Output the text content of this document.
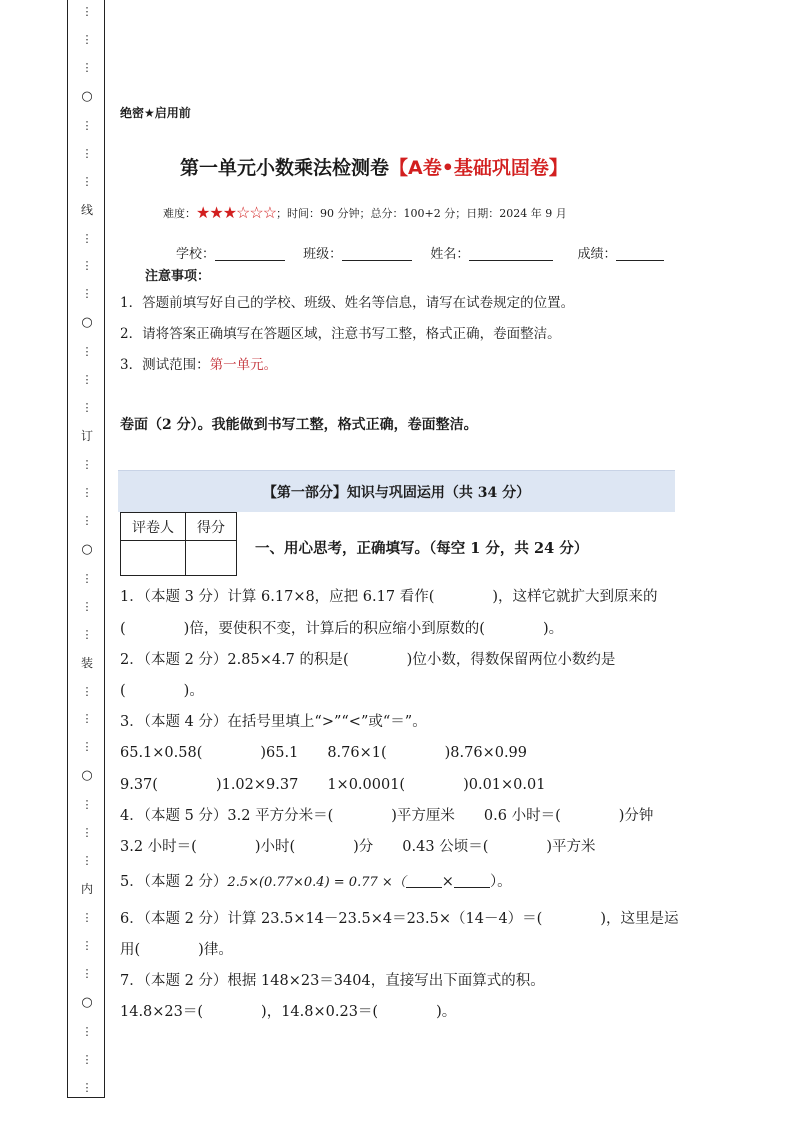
⋮
⋮
⋮
○
⋮
⋮
⋮
线
⋮
⋮
⋮
○
⋮
⋮
⋮
订
⋮
⋮
⋮
○
⋮
⋮
⋮
装
⋮
⋮
⋮
○
⋮
⋮
⋮
内
⋮
⋮
⋮
○
⋮
⋮
⋮
绝密★启用前
第一单元小数乘法检测卷【A卷•基础巩固卷】
难度：★★★☆☆☆；时间：90 分钟；总分：100+2 分；日期：2024 年 9 月
学校：	班级：	姓名：	成绩：
注意事项：
1．答题前填写好自己的学校、班级、姓名等信息，请写在试卷规定的位置。
2．请将答案正确填写在答题区域，注意书写工整，格式正确，卷面整洁。
3．测试范围：第一单元。
卷面（2 分）。我能做到书写工整，格式正确，卷面整洁。
【第一部分】知识与巩固运用（共 34 分）
评卷人	得分

一、用心思考，正确填写。（每空 1 分，共 24 分）
1．（本题 3 分）计算 6.17×8，应把 6.17 看作(　　　　)，这样它就扩大到原来的
(　　　　)倍，要使积不变，计算后的积应缩小到原数的(　　　　)。
2．（本题 2 分）2.85×4.7 的积是(　　　　)位小数，得数保留两位小数约是
(　　　　)。
3．（本题 4 分）在括号里填上“>”“<”或“＝”。
65.1×0.58(　　　　)65.1　　8.76×1(　　　　)8.76×0.99
9.37(　　　　)1.02×9.37　　1×0.0001(　　　　)0.01×0.01
4．（本题 5 分）3.2 平方分米＝(　　　　)平方厘米　　0.6 小时＝(　　　　)分钟
3.2 小时＝(　　　　)小时(　　　　)分　　0.43 公顷＝(　　　　)平方米
5．（本题 2 分）2.5×(0.77×0.4) = 0.77 ×（ × ）。
6．（本题 2 分）计算 23.5×14－23.5×4＝23.5×（14－4）＝(　　　　)，这里是运
用(　　　　)律。
7．（本题 2 分）根据 148×23＝3404，直接写出下面算式的积。
14.8×23＝(　　　　)，14.8×0.23＝(　　　　)。
